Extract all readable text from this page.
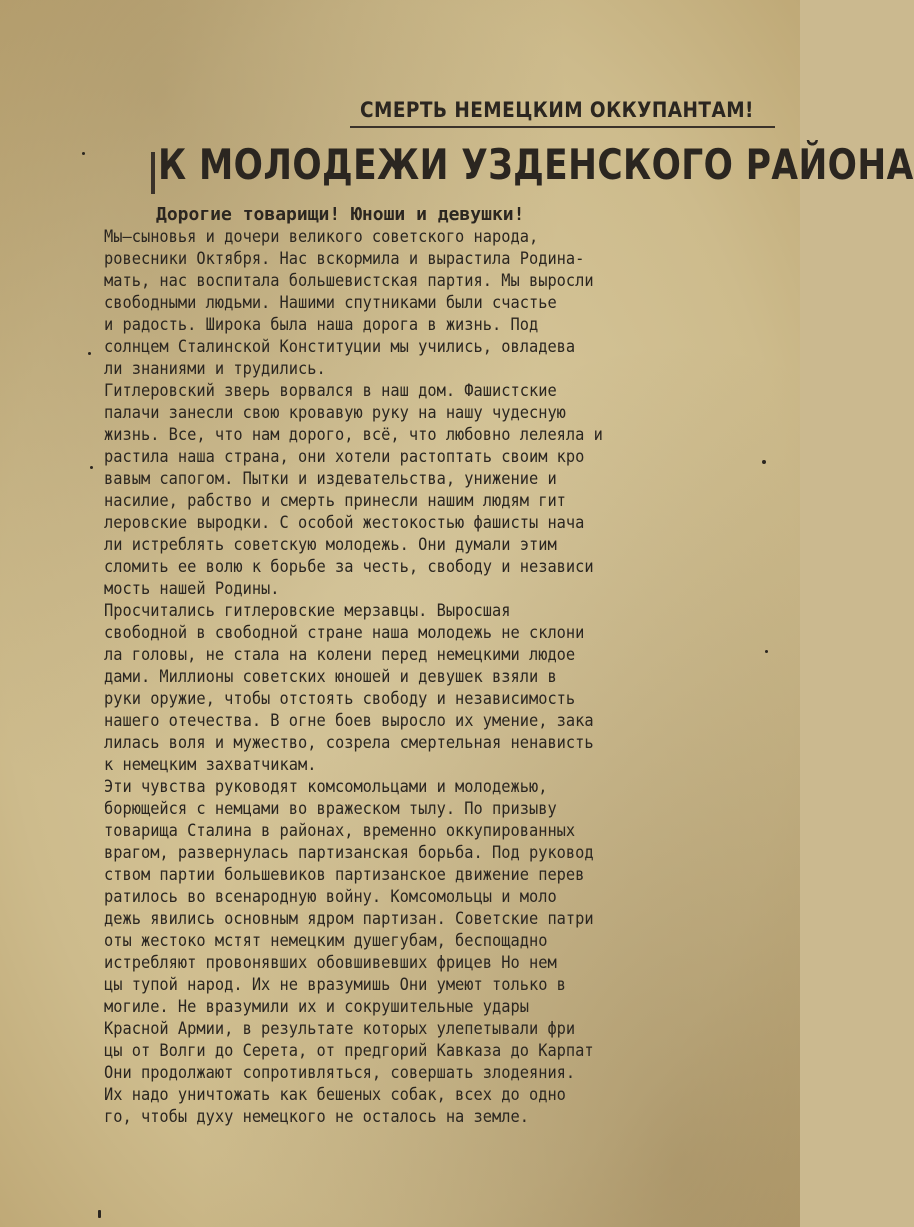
СМЕРТЬ НЕМЕЦКИМ ОККУПАНТАМ!
К МОЛОДЕЖИ УЗДЕНСКОГО РАЙОНА
Дорогие товарищи! Юноши и девушки!
Мы—сыновья и дочери великого советского народа,
ровесники Октября. Нас вскормила и вырастила Родина-
мать, нас воспитала большевистская партия. Мы выросли
свободными людьми. Нашими спутниками были счастье
и радость. Широка была наша дорога в жизнь. Под
солнцем Сталинской Конституции мы учились, овладева
ли знаниями и трудились.
Гитлеровский зверь ворвался в наш дом. Фашистские
палачи занесли свою кровавую руку на нашу чудесную
жизнь. Все, что нам дорого, всё, что любовно лелеяла и
растила наша страна, они хотели растоптать своим кро
вавым сапогом. Пытки и издевательства, унижение и
насилие, рабство и смерть принесли нашим людям гит
леровские выродки. С особой жестокостью фашисты нача
ли истреблять советскую молодежь. Они думали этим
сломить ее волю к борьбе за честь, свободу и независи
мость нашей Родины.
Просчитались гитлеровские мерзавцы. Выросшая
свободной в свободной стране наша молодежь не склони
ла головы, не стала на колени перед немецкими людое
дами. Миллионы советских юношей и девушек взяли в
руки оружие, чтобы отстоять свободу и независимость
нашего отечества. В огне боев выросло их умение, зака
лилась воля и мужество, созрела смертельная ненависть
к немецким захватчикам.
Эти чувства руководят комсомольцами и молодежью,
борющейся с немцами во вражеском тылу. По призыву
товарища Сталина в районах, временно оккупированных
врагом, развернулась партизанская борьба. Под руковод
ством партии большевиков партизанское движение перев
ратилось во всенародную войну. Комсомольцы и моло
дежь явились основным ядром партизан. Советские патри
оты жестоко мстят немецким душегубам, беспощадно
истребляют провонявших обовшивевших фрицев Но нем
цы тупой народ. Их не вразумишь Они умеют только в
могиле. Не вразумили их и сокрушительные удары
Красной Армии, в результате которых улепетывали фри
цы от Волги до Серета, от предгорий Кавказа до Карпат
Они продолжают сопротивляться, совершать злодеяния.
Их надо уничтожать как бешеных собак, всех до одно
го, чтобы духу немецкого не осталось на земле.
